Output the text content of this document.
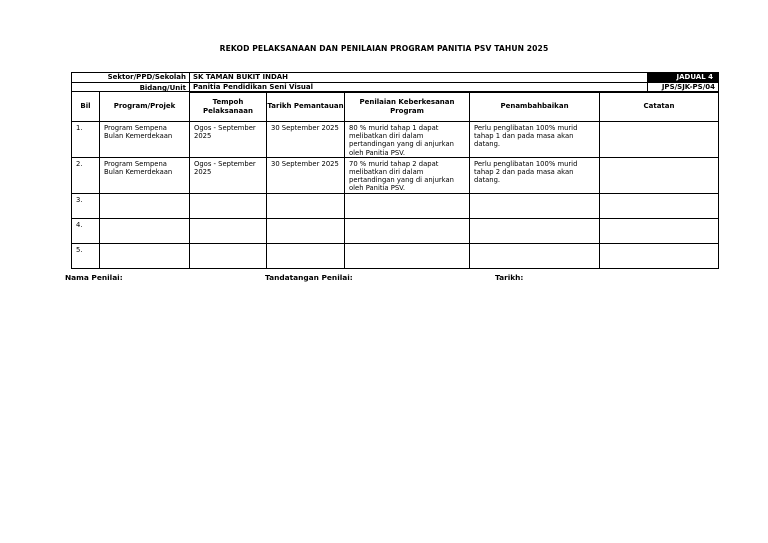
REKOD PELAKSANAAN DAN PENILAIAN PROGRAM PANITIA PSV TAHUN 2025
Sektor/PPD/Sekolah	SK TAMAN BUKIT INDAH	JADUAL 4
Bidang/Unit	Panitia Pendidikan Seni Visual	JPS/SJK-PS/04
Bil	Program/Projek	Tempoh Pelaksanaan	Tarikh Pemantauan	Penilaian Keberkesanan Program	Penambahbaikan	Catatan
1.	Program Sempena Bulan Kemerdekaan	Ogos - September 2025	30 September 2025	80 % murid tahap 1 dapat melibatkan diri dalam pertandingan yang di anjurkan oleh Panitia PSV.	Perlu penglibatan 100% murid tahap 1 dan pada masa akan datang.	
2.	Program Sempena Bulan Kemerdekaan	Ogos - September 2025	30 September 2025	70 % murid tahap 2 dapat melibatkan diri dalam pertandingan yang di anjurkan oleh Panitia PSV.	Perlu penglibatan 100% murid tahap 2 dan pada masa akan datang.	
3.						
4.						
5.						
Nama Penilai:	Tandatangan Penilai:	Tarikh:
